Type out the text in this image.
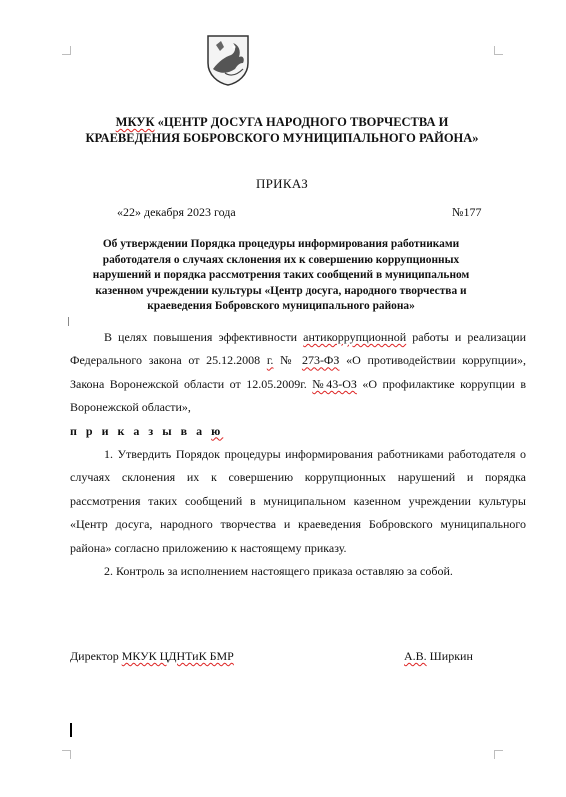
МКУК «ЦЕНТР ДОСУГА НАРОДНОГО ТВОРЧЕСТВА И
КРАЕВЕДЕНИЯ БОБРОВСКОГО МУНИЦИПАЛЬНОГО РАЙОНА»
ПРИКАЗ
«22» декабря 2023 года	№177
Об утверждении Порядка процедуры информирования работниками
работодателя о случаях склонения их к совершению коррупционных
нарушений и порядка рассмотрения таких сообщений в муниципальном
казенном учреждении культуры «Центр досуга, народного творчества и
краеведения Бобровского муниципального района»

В целях повышения эффективности антикоррупционной работы и реализации Федерального закона от 25.12.2008 г. № 273-ФЗ «О противодействии коррупции», Закона Воронежской области от 12.05.2009г. №43-ОЗ «О профилактике коррупции в Воронежской области»,

п р и к а з ы в а ю

1. Утвердить Порядок процедуры информирования работниками работодателя о случаях склонения их к совершению коррупционных нарушений и порядка рассмотрения таких сообщений в муниципальном казенном учреждении культуры «Центр досуга, народного творчества и краеведения Бобровского муниципального района» согласно приложению к настоящему приказу.

2. Контроль за исполнением настоящего приказа оставляю за собой.

Директор МКУК ЦДНТиК БМР	А.В. Ширкин
